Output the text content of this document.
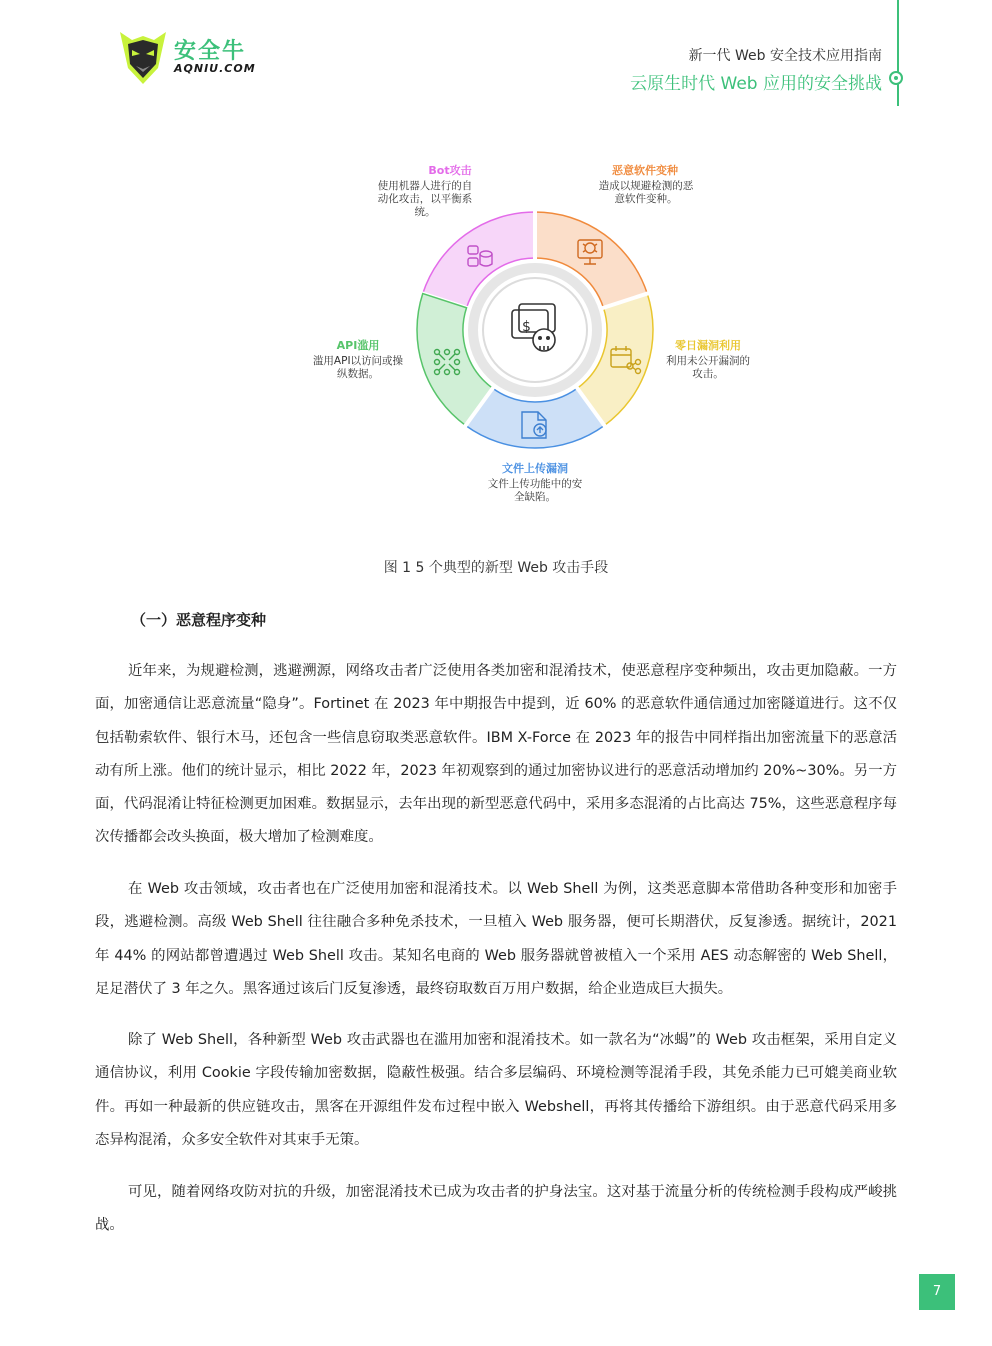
安全牛
AQNIU.COM
新一代 Web 安全技术应用指南
云原生时代 Web 应用的安全挑战
$
Bot攻击
使用机器人进行的自动化攻击，以平衡系统。
恶意软件变种
造成以规避检测的恶意软件变种。
零日漏洞利用
利用未公开漏洞的攻击。
文件上传漏洞
文件上传功能中的安全缺陷。
API滥用
滥用API以访问或操纵数据。
图 1 5 个典型的新型 Web 攻击手段
（一）恶意程序变种

近年来，为规避检测，逃避溯源，网络攻击者广泛使用各类加密和混淆技术，使恶意程序变种频出，攻击更加隐蔽。一方面，加密通信让恶意流量“隐身”。Fortinet 在 2023 年中期报告中提到，近 60% 的恶意软件通信通过加密隧道进行。这不仅包括勒索软件、银行木马，还包含一些信息窃取类恶意软件。IBM X-Force 在 2023 年的报告中同样指出加密流量下的恶意活动有所上涨。他们的统计显示，相比 2022 年，2023 年初观察到的通过加密协议进行的恶意活动增加约 20%~30%。另一方面，代码混淆让特征检测更加困难。数据显示，去年出现的新型恶意代码中，采用多态混淆的占比高达 75%，这些恶意程序每次传播都会改头换面，极大增加了检测难度。

在 Web 攻击领域，攻击者也在广泛使用加密和混淆技术。以 Web Shell 为例，这类恶意脚本常借助各种变形和加密手段，逃避检测。高级 Web Shell 往往融合多种免杀技术，一旦植入 Web 服务器，便可长期潜伏，反复渗透。据统计，2021 年 44% 的网站都曾遭遇过 Web Shell 攻击。某知名电商的 Web 服务器就曾被植入一个采用 AES 动态解密的 Web Shell，足足潜伏了 3 年之久。黑客通过该后门反复渗透，最终窃取数百万用户数据，给企业造成巨大损失。

除了 Web Shell，各种新型 Web 攻击武器也在滥用加密和混淆技术。如一款名为“冰蝎”的 Web 攻击框架，采用自定义通信协议，利用 Cookie 字段传输加密数据，隐蔽性极强。结合多层编码、环境检测等混淆手段，其免杀能力已可媲美商业软件。再如一种最新的供应链攻击，黑客在开源组件发布过程中嵌入 Webshell，再将其传播给下游组织。由于恶意代码采用多态异构混淆，众多安全软件对其束手无策。

可见，随着网络攻防对抗的升级，加密混淆技术已成为攻击者的护身法宝。这对基于流量分析的传统检测手段构成严峻挑战。

7
